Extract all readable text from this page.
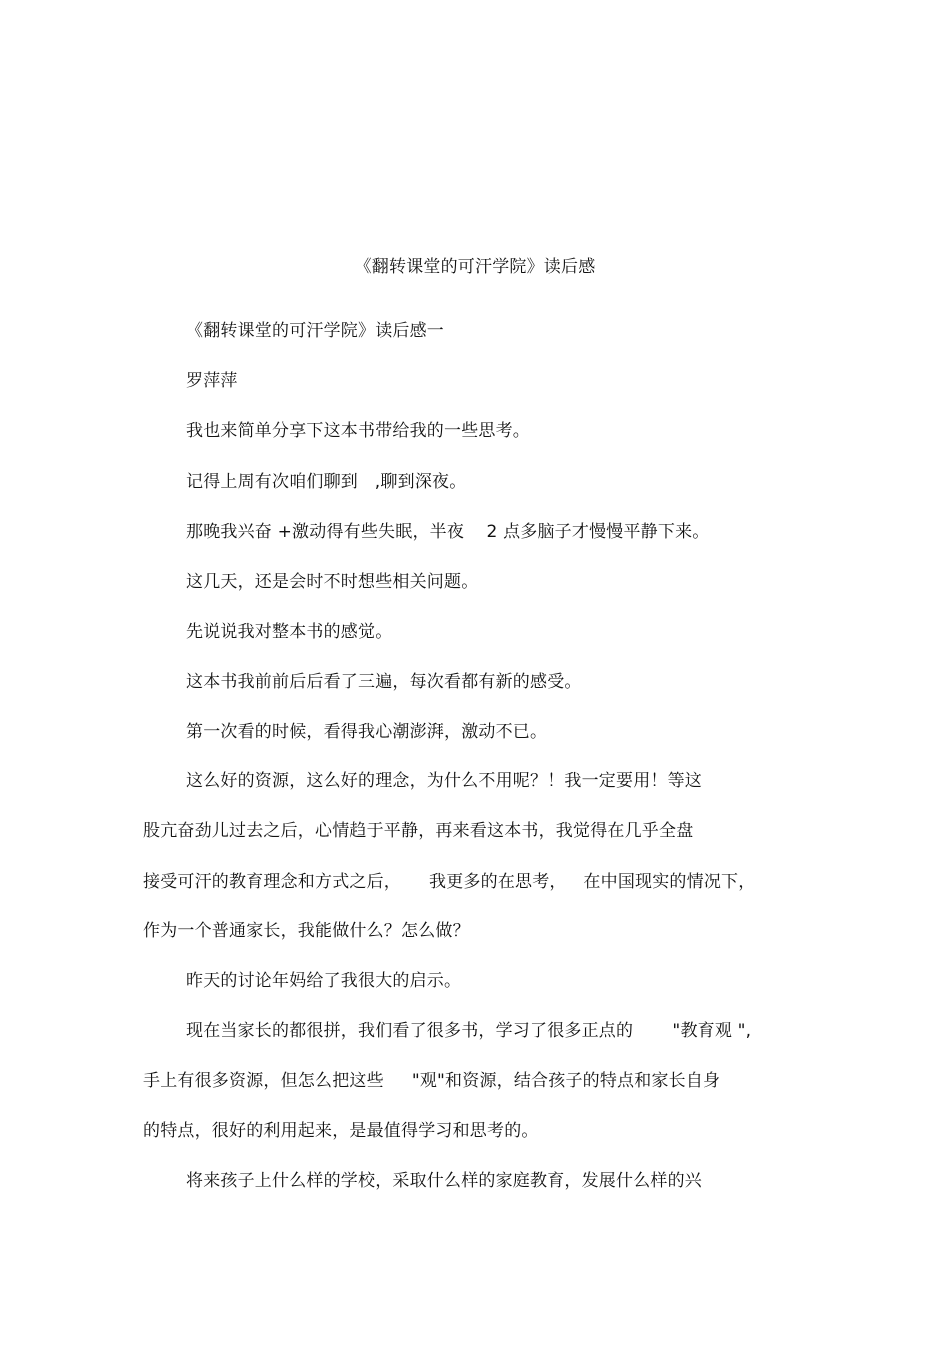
《翻转课堂的可汗学院》读后感
《翻转课堂的可汗学院》读后感一
罗萍萍
我也来简单分享下这本书带给我的一些思考。
记得上周有次咱们聊到   ,聊到深夜。
那晚我兴奋 +激动得有些失眠，半夜    2 点多脑子才慢慢平静下来。
这几天，还是会时不时想些相关问题。
先说说我对整本书的感觉。
这本书我前前后后看了三遍，每次看都有新的感受。
第一次看的时候，看得我心潮澎湃，激动不已。
这么好的资源，这么好的理念，为什么不用呢？！我一定要用！等这
股亢奋劲儿过去之后，心情趋于平静，再来看这本书，我觉得在几乎全盘
接受可汗的教育理念和方式之后，     我更多的在思考，   在中国现实的情况下，
作为一个普通家长，我能做什么？怎么做？
昨天的讨论年妈给了我很大的启示。
现在当家长的都很拼，我们看了很多书，学习了很多正点的       "教育观 ",
手上有很多资源，但怎么把这些     "观"和资源，结合孩子的特点和家长自身
的特点，很好的利用起来，是最值得学习和思考的。
将来孩子上什么样的学校，采取什么样的家庭教育，发展什么样的兴
